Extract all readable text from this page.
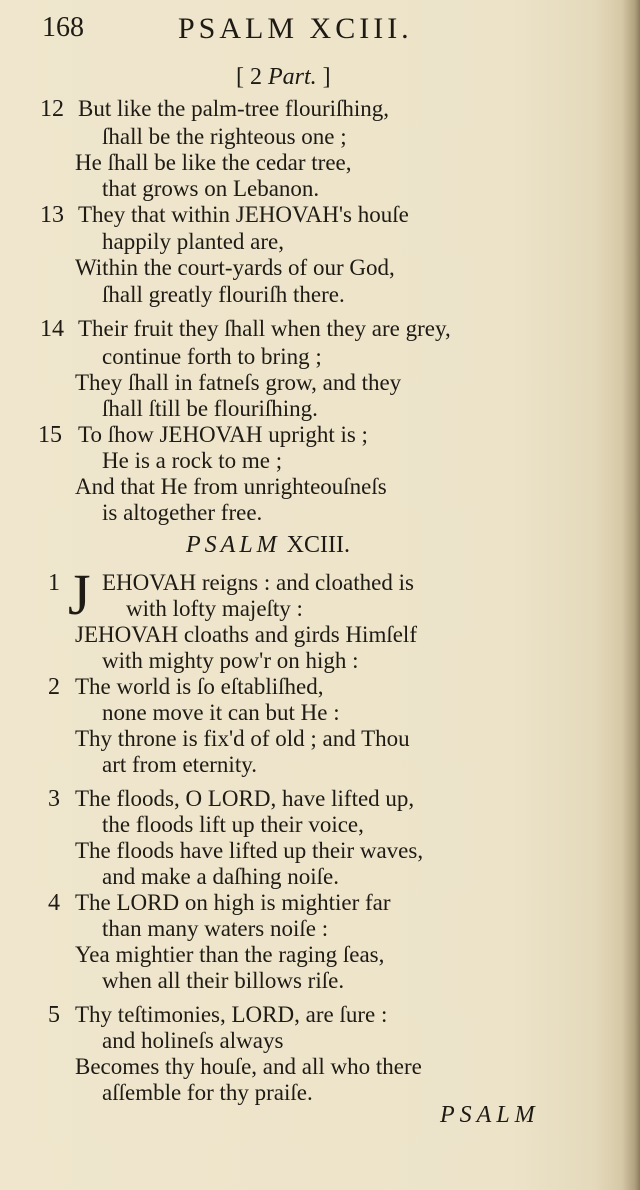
168	PSALM XCIII.
[ 2 Part. ]
12 But like the palm-tree flouriſhing,
ſhall be the righteous one ;
He ſhall be like the cedar tree,
that grows on Lebanon.
13 They that within JEHOVAH's houſe
happily planted are,
Within the court-yards of our God,
ſhall greatly flouriſh there.
14 Their fruit they ſhall when they are grey,
continue forth to bring ;
They ſhall in fatneſs grow, and they
ſhall ſtill be flouriſhing.
15 To ſhow JEHOVAH upright is ;
He is a rock to me ;
And that He from unrighteouſneſs
is altogether free.
PSALM XCIII.
1 J EHOVAH reigns : and cloathed is
with lofty majeſty :
JEHOVAH cloaths and girds Himſelf
with mighty pow'r on high :
2 The world is ſo eſtabliſhed,
none move it can but He :
Thy throne is fix'd of old ; and Thou
art from eternity.
3 The floods, O LORD, have lifted up,
the floods lift up their voice,
The floods have lifted up their waves,
and make a daſhing noiſe.
4 The LORD on high is mightier far
than many waters noiſe :
Yea mightier than the raging ſeas,
when all their billows riſe.
5 Thy teſtimonies, LORD, are ſure :
and holineſs always
Becomes thy houſe, and all who there
aſſemble for thy praiſe.
PSALM
